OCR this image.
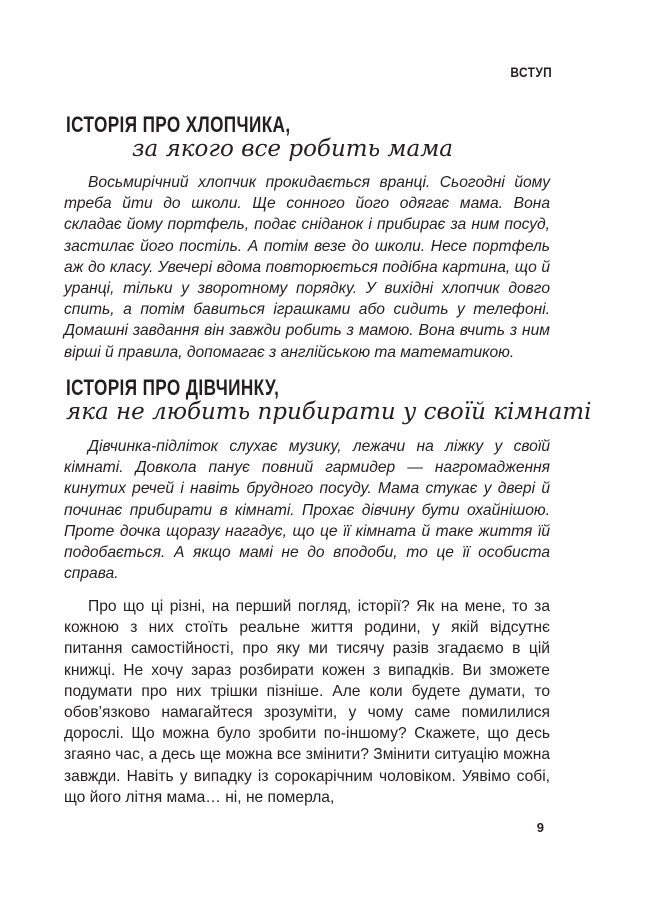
ВСТУП
ІСТОРІЯ ПРО ХЛОПЧИКА,
за якого все робить мама

Восьмирічний хлопчик прокидається вранці. Сьогодні йому треба йти до школи. Ще сонного його одягає мама. Вона складає йому портфель, подає сніданок і прибирає за ним посуд, застилає його постіль. А потім везе до школи. Несе портфель аж до класу. Увечері вдома повторюється подібна картина, що й уранці, тільки у зворотному порядку. У вихідні хлопчик довго спить, а потім бавиться іграшками або сидить у телефоні. Домашні завдання він завжди робить з мамою. Вона вчить з ним вірші й правила, допомагає з англійською та математикою.

ІСТОРІЯ ПРО ДІВЧИНКУ,
яка не любить прибирати у своїй кімнаті

Дівчинка-підліток слухає музику, лежачи на ліжку у своїй кімнаті. Довкола панує повний гармидер — нагромадження кинутих речей і навіть брудного посуду. Мама стукає у двері й починає прибирати в кімнаті. Прохає дівчину бути охайнішою. Проте дочка щоразу нагадує, що це її кімната й таке життя їй подобається. А якщо мамі не до вподоби, то це її особиста справа.

Про що ці різні, на перший погляд, історії? Як на мене, то за кожною з них стоїть реальне життя родини, у якій відсутнє питання самостійності, про яку ми тисячу разів згадаємо в цій книжці. Не хочу зараз розбирати кожен з випадків. Ви зможете подумати про них трішки пізніше. Але коли будете думати, то обов’язково намагайтеся зрозуміти, у чому саме помилилися дорослі. Що можна було зробити по-іншому? Скажете, що десь згаяно час, а десь ще можна все змінити? Змінити ситуацію можна завжди. Навіть у випадку із сорокарічним чоловіком. Уявімо собі, що його літня мама… ні, не померла,

9
